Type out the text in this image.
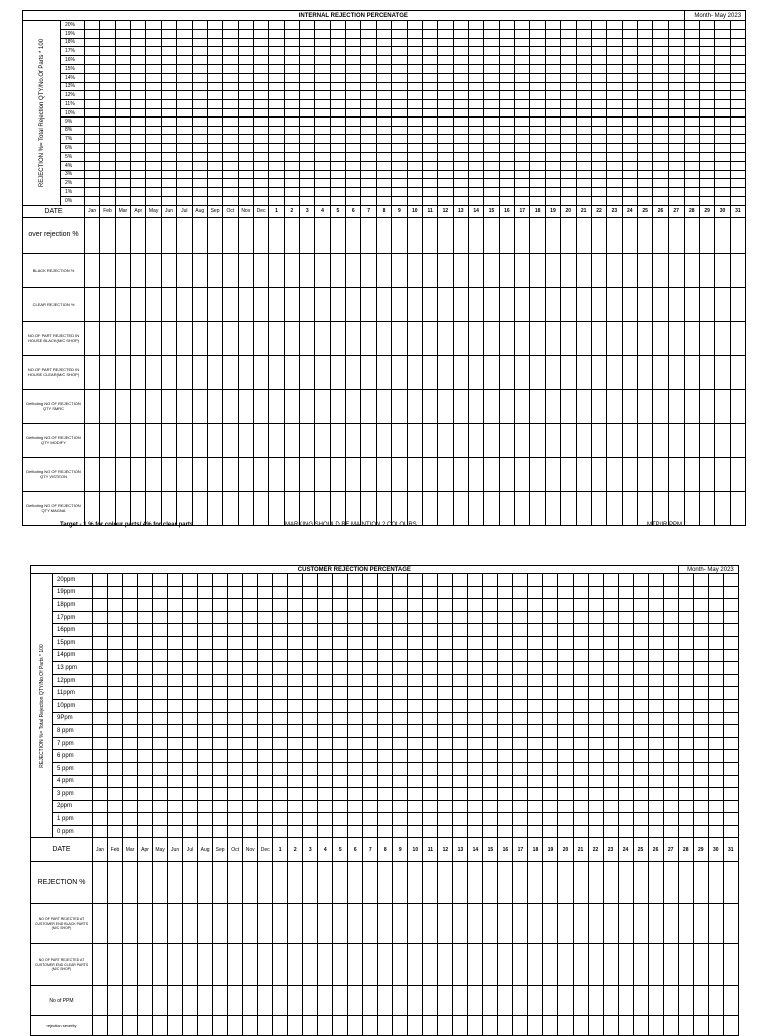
INTERNAL REJECTION PERCENATGE																																									Month- May 2023			

REJECTION %= Total Rejection QTY/No.Of Parts * 100	20%																																											
	19%																																											
	18%																																											
	17%																																											
	16%																																											
	15%																																											
	14%																																											
	13%																																											
	12%																																											
	11%																																											
	10%																																											
	9%																																											
	8%																																											
	7%																																											
	6%																																											
	5%																																											
	4%																																											
	3%																																											
	2%																																											
	1%																																											
	0%																																											
DATE		Jan	Feb	Mar	Apr	May	Jun	Jul	Aug	Sep	Oct	Nov	Dec	1	2	3	4	5	6	7	8	9	10	11	12	13	14	15	16	17	18	19	20	21	22	23	24	25	26	27	28	29	30	31
over rejection %																																												
BLACK REJECTION %																																												
CLEAR REJECTION %																																												
NO.OF PART REJECTED IN HOUSE BLACK(M/C SHOP)																																												
NO.OF PART REJECTED IN HOUSE CLEAR(M/C SHOP)																																												
Defloding NO OF REJECTION QTY SMRC																																												
Defloding NO OF REJECTION QTY MODIFY																																												
Defloding NO OF REJECTION QTY VISTEON																																												
Defloding NO OF REJECTION QTY MAGNA																																												
Target - 1 % for colour parts/ 4% for clear parts	MARKING SHOULD BE MAINTION 2 COLOURS	MTP/IR PPM /
CUSTOMER REJECTION PERCENTAGE																																									Month- May 2023			

REJECTION %= Total Rejection QTY/No.Of Parts * 100	20ppm																																											
	19ppm																																											
	18ppm																																											
	17ppm																																											
	16ppm																																											
	15ppm																																											
	14ppm																																											
	13 ppm																																											
	12ppm																																											
	11ppm																																											
	10ppm																																											
	9Ppm																																											
	8 ppm																																											
	7 ppm																																											
	6 ppm																																											
	5 ppm																																											
	4 ppm																																											
	3 ppm																																											
	2ppm																																											
	1 ppm																																											
	0 ppm																																											
DATE		Jan	Feb	Mar	Apr	May	Jun	Jul	Aug	Sep	Oct	Nov	Dec	1	2	3	4	5	6	7	8	9	10	11	12	13	14	15	16	17	18	19	20	21	22	23	24	25	26	27	28	29	30	31
REJECTION %																																												
NO OF PART REJECTED AT CUSTOMER END BLACK PARTS (M/C SHOP)																																												
NO OF PART REJECTED AT CUSTOMER END CLEAR PARTS (M/C SHOP)																																												
No of PPM																																												
rejection severity																																												
